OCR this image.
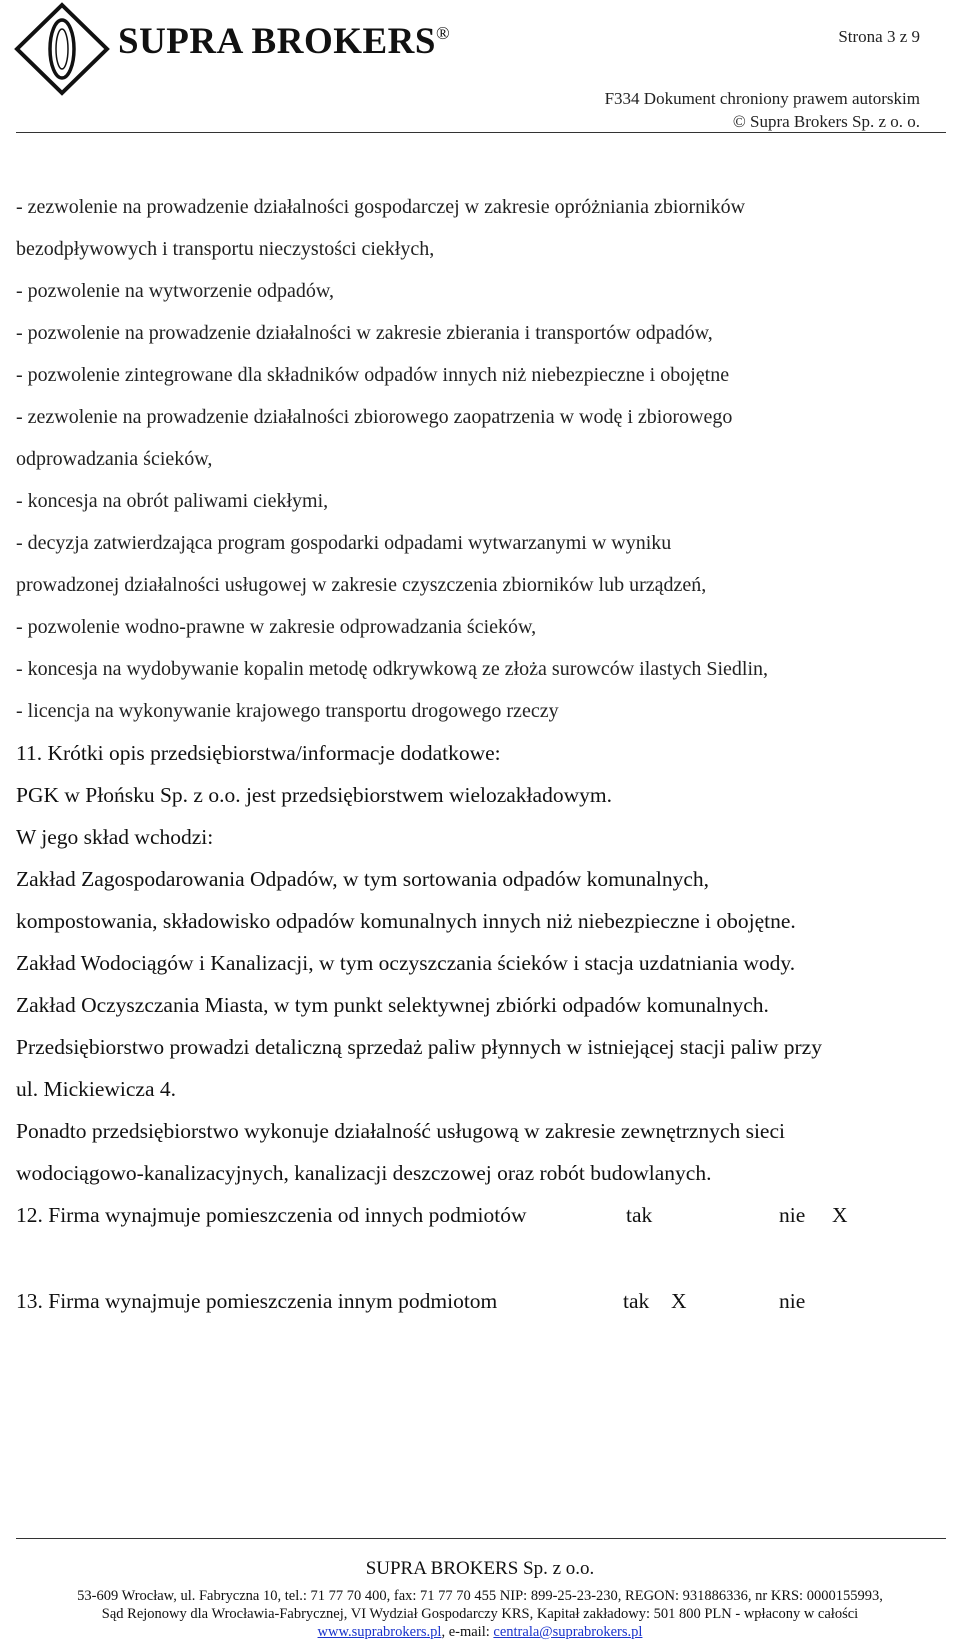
SUPRA BROKERS®	Strona 3 z 9
F334 Dokument chroniony prawem autorskim
© Supra Brokers Sp. z o. o.

- zezwolenie na prowadzenie działalności gospodarczej w zakresie opróżniania zbiorników

bezodpływowych i transportu nieczystości ciekłych,

- pozwolenie na wytworzenie odpadów,

- pozwolenie na prowadzenie działalności w zakresie zbierania i transportów odpadów,

- pozwolenie zintegrowane dla składników odpadów innych niż niebezpieczne i obojętne

- zezwolenie na prowadzenie działalności zbiorowego zaopatrzenia w wodę i zbiorowego

odprowadzania ścieków,

- koncesja na obrót paliwami ciekłymi,

- decyzja zatwierdzająca program gospodarki odpadami wytwarzanymi w wyniku

prowadzonej działalności usługowej w zakresie czyszczenia zbiorników lub urządzeń,

- pozwolenie wodno-prawne w zakresie odprowadzania ścieków,

- koncesja na wydobywanie kopalin metodę odkrywkową ze złoża surowców ilastych Siedlin,

- licencja na wykonywanie krajowego transportu drogowego rzeczy

11. Krótki opis przedsiębiorstwa/informacje dodatkowe:

PGK w Płońsku Sp. z o.o. jest przedsiębiorstwem wielozakładowym.

W jego skład wchodzi:

Zakład Zagospodarowania Odpadów, w tym sortowania odpadów komunalnych,

kompostowania, składowisko odpadów komunalnych innych niż niebezpieczne i obojętne.

Zakład Wodociągów i Kanalizacji, w tym oczyszczania ścieków i stacja uzdatniania wody.

Zakład Oczyszczania Miasta, w tym punkt selektywnej zbiórki odpadów komunalnych.

Przedsiębiorstwo prowadzi detaliczną sprzedaż paliw płynnych w istniejącej stacji paliw przy

ul. Mickiewicza 4.

Ponadto przedsiębiorstwo wykonuje działalność usługową w zakresie zewnętrznych sieci

wodociągowo-kanalizacyjnych, kanalizacji deszczowej oraz robót budowlanych.

12. Firma wynajmuje pomieszczenia od innych podmiotów	tak	nie X
13. Firma wynajmuje pomieszczenia innym podmiotom	tak X	nie
SUPRA BROKERS Sp. z o.o.
53-609 Wrocław, ul. Fabryczna 10, tel.: 71 77 70 400, fax: 71 77 70 455 NIP: 899-25-23-230, REGON: 931886336, nr KRS: 0000155993,
Sąd Rejonowy dla Wrocławia-Fabrycznej, VI Wydział Gospodarczy KRS, Kapitał zakładowy: 501 800 PLN - wpłacony w całości
www.suprabrokers.pl, e-mail: centrala@suprabrokers.pl
